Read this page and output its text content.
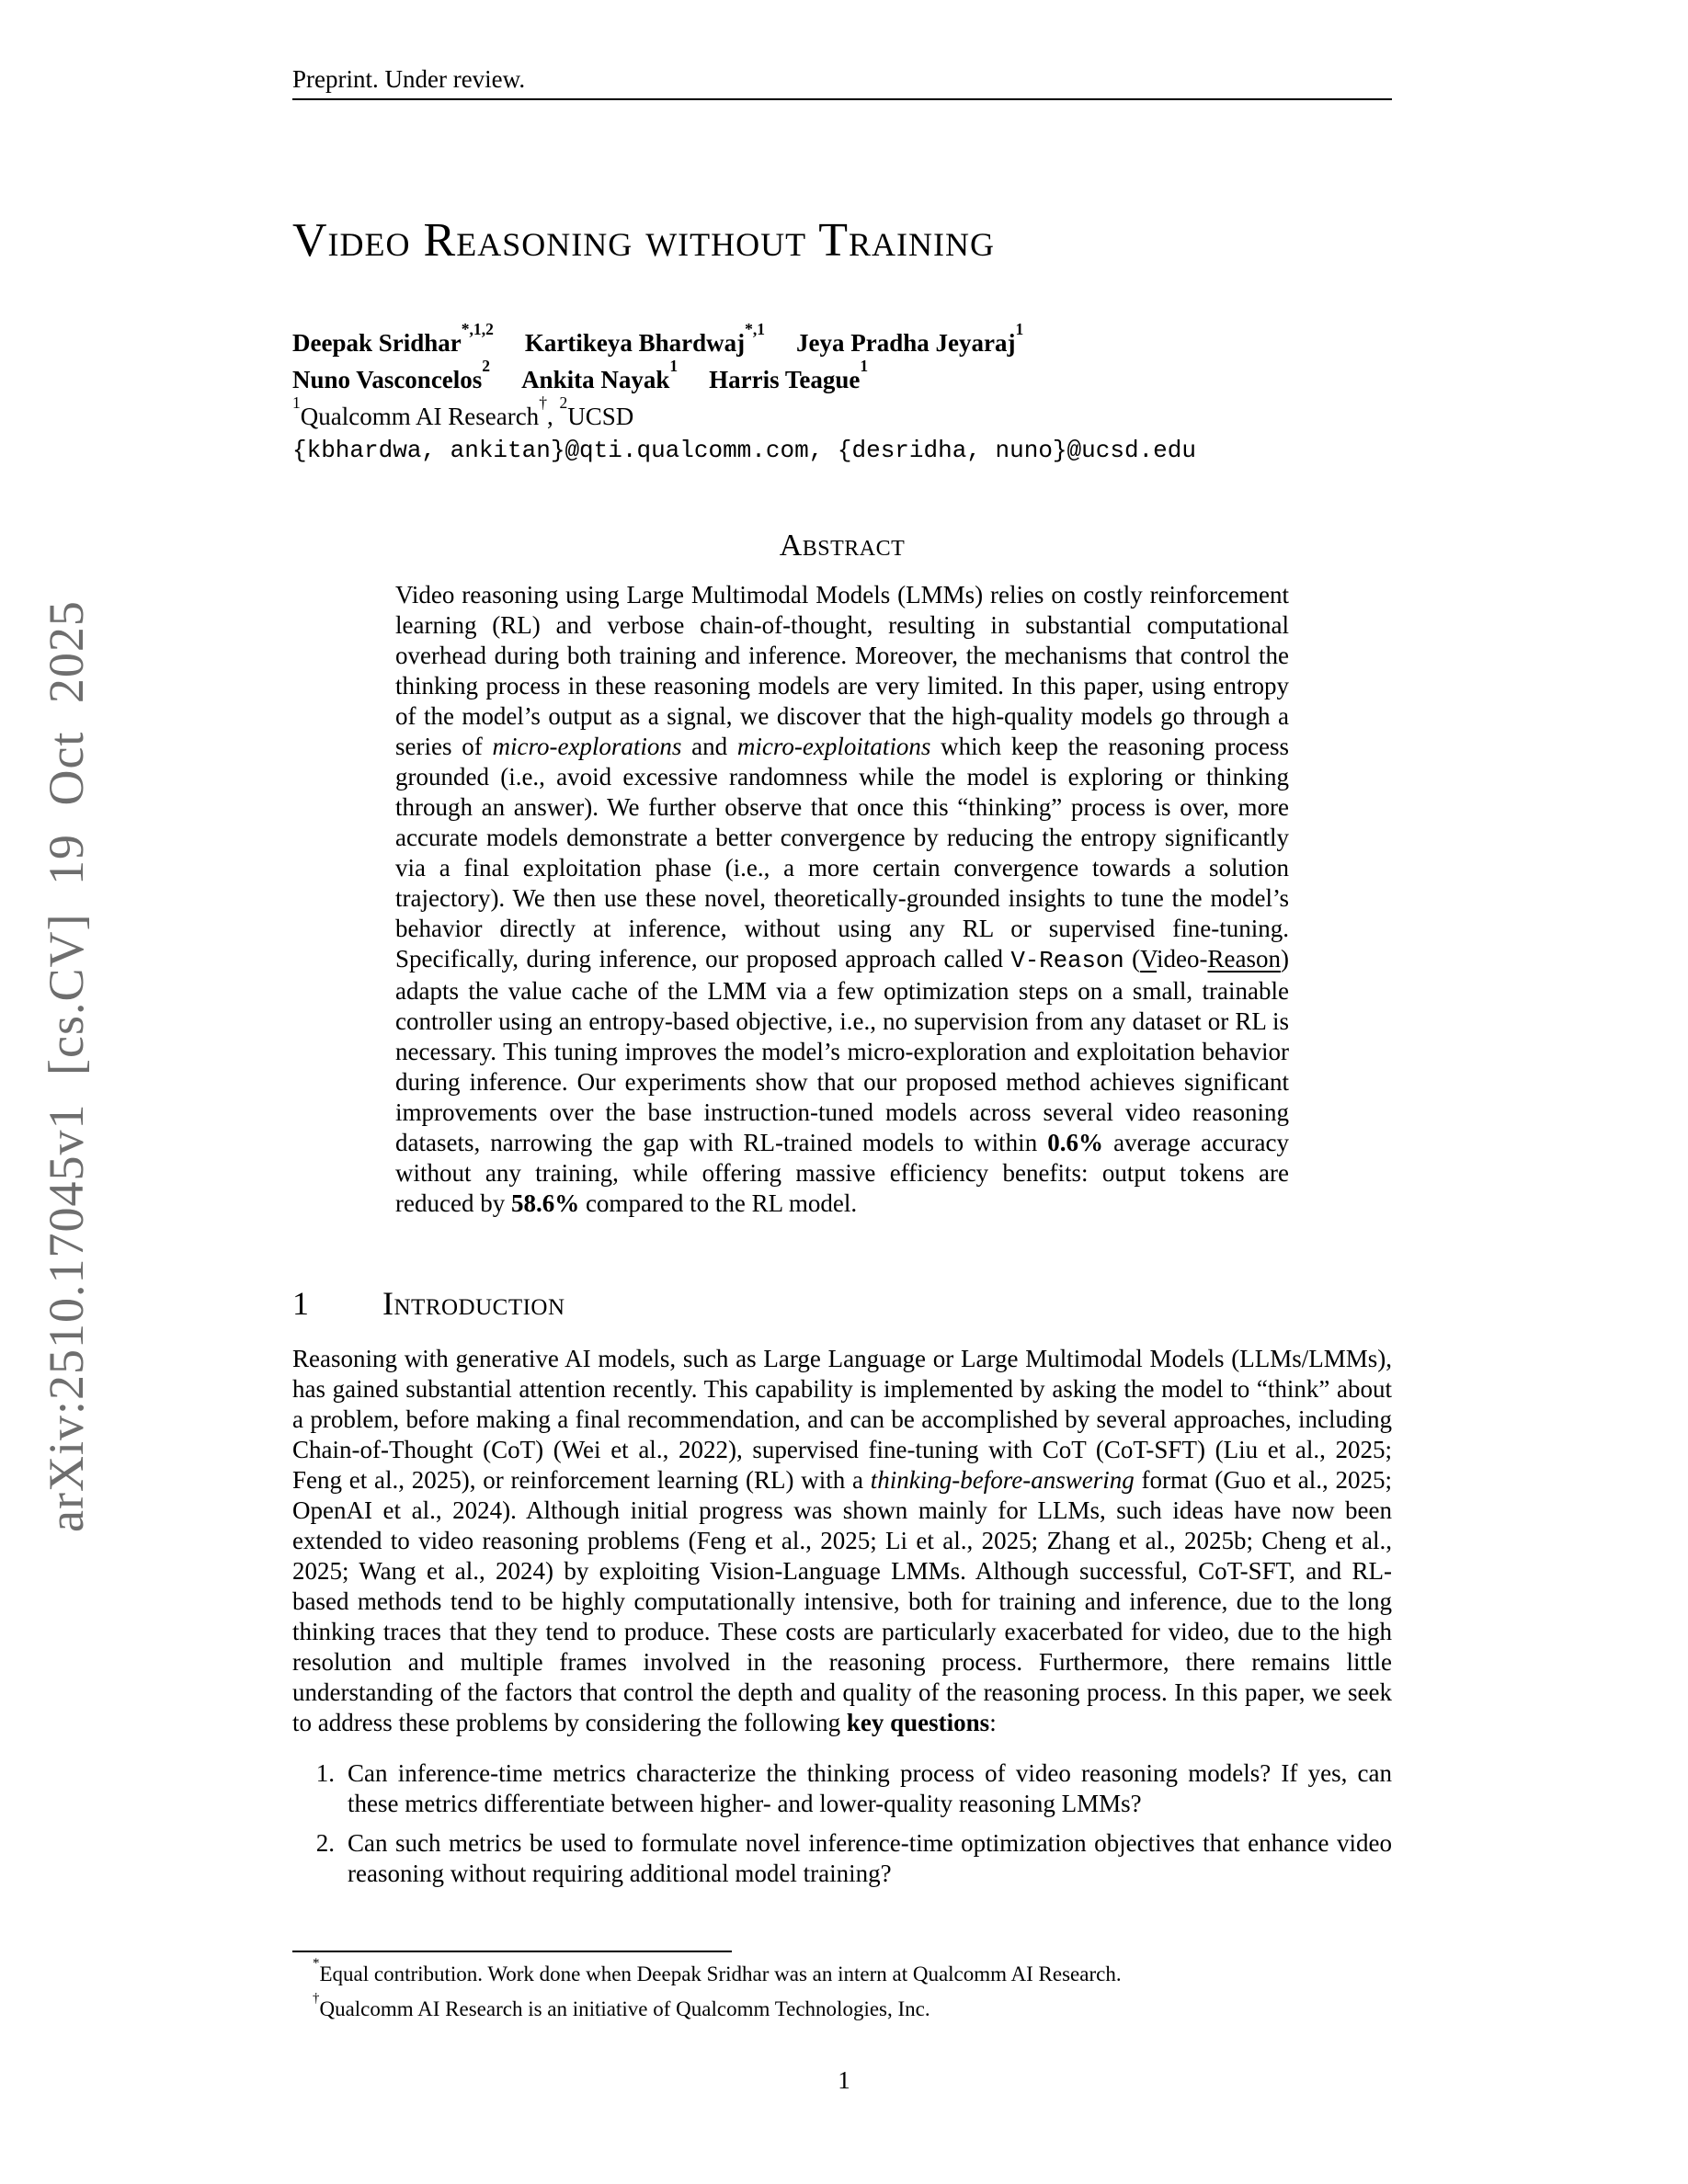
arXiv:2510.17045v1 [cs.CV] 19 Oct 2025
Preprint. Under review.
Video Reasoning without Training
Deepak Sridhar$^{*,1,2}$ Kartikeya Bhardwaj$^{*,1}$ Jeya Pradha Jeyaraj$^1$
Nuno Vasconcelos$^2$ Ankita Nayak$^1$ Harris Teague$^1$
$^1$Qualcomm AI Research†, $^2$UCSD
{kbhardwa, ankitan}@qti.qualcomm.com, {desridha, nuno}@ucsd.edu
Abstract

Video reasoning using Large Multimodal Models (LMMs) relies on costly reinforcement learning (RL) and verbose chain-of-thought, resulting in substantial computational overhead during both training and inference. Moreover, the mechanisms that control the thinking process in these reasoning models are very limited. In this paper, using entropy of the model’s output as a signal, we discover that the high-quality models go through a series of micro-explorations and micro-exploitations which keep the reasoning process grounded (i.e., avoid excessive randomness while the model is exploring or thinking through an answer). We further observe that once this “thinking” process is over, more accurate models demonstrate a better convergence by reducing the entropy significantly via a final exploitation phase (i.e., a more certain convergence towards a solution trajectory). We then use these novel, theoretically-grounded insights to tune the model’s behavior directly at inference, without using any RL or supervised fine-tuning. Specifically, during inference, our proposed approach called V-Reason (Video-Reason) adapts the value cache of the LMM via a few optimization steps on a small, trainable controller using an entropy-based objective, i.e., no supervision from any dataset or RL is necessary. This tuning improves the model’s micro-exploration and exploitation behavior during inference. Our experiments show that our proposed method achieves significant improvements over the base instruction-tuned models across several video reasoning datasets, narrowing the gap with RL-trained models to within 0.6% average accuracy without any training, while offering massive efficiency benefits: output tokens are reduced by 58.6% compared to the RL model.

1 Introduction

Reasoning with generative AI models, such as Large Language or Large Multimodal Models (LLMs/LMMs), has gained substantial attention recently. This capability is implemented by asking the model to “think” about a problem, before making a final recommendation, and can be accomplished by several approaches, including Chain-of-Thought (CoT) (Wei et al., 2022), supervised fine-tuning with CoT (CoT-SFT) (Liu et al., 2025; Feng et al., 2025), or reinforcement learning (RL) with a thinking-before-answering format (Guo et al., 2025; OpenAI et al., 2024). Although initial progress was shown mainly for LLMs, such ideas have now been extended to video reasoning problems (Feng et al., 2025; Li et al., 2025; Zhang et al., 2025b; Cheng et al., 2025; Wang et al., 2024) by exploiting Vision-Language LMMs. Although successful, CoT-SFT, and RL-based methods tend to be highly computationally intensive, both for training and inference, due to the long thinking traces that they tend to produce. These costs are particularly exacerbated for video, due to the high resolution and multiple frames involved in the reasoning process. Furthermore, there remains little understanding of the factors that control the depth and quality of the reasoning process. In this paper, we seek to address these problems by considering the following key questions:

1. Can inference-time metrics characterize the thinking process of video reasoning models? If yes, can these metrics differentiate between higher- and lower-quality reasoning LMMs?
2. Can such metrics be used to formulate novel inference-time optimization objectives that enhance video reasoning without requiring additional model training?

*Equal contribution. Work done when Deepak Sridhar was an intern at Qualcomm AI Research.

†Qualcomm AI Research is an initiative of Qualcomm Technologies, Inc.

1
